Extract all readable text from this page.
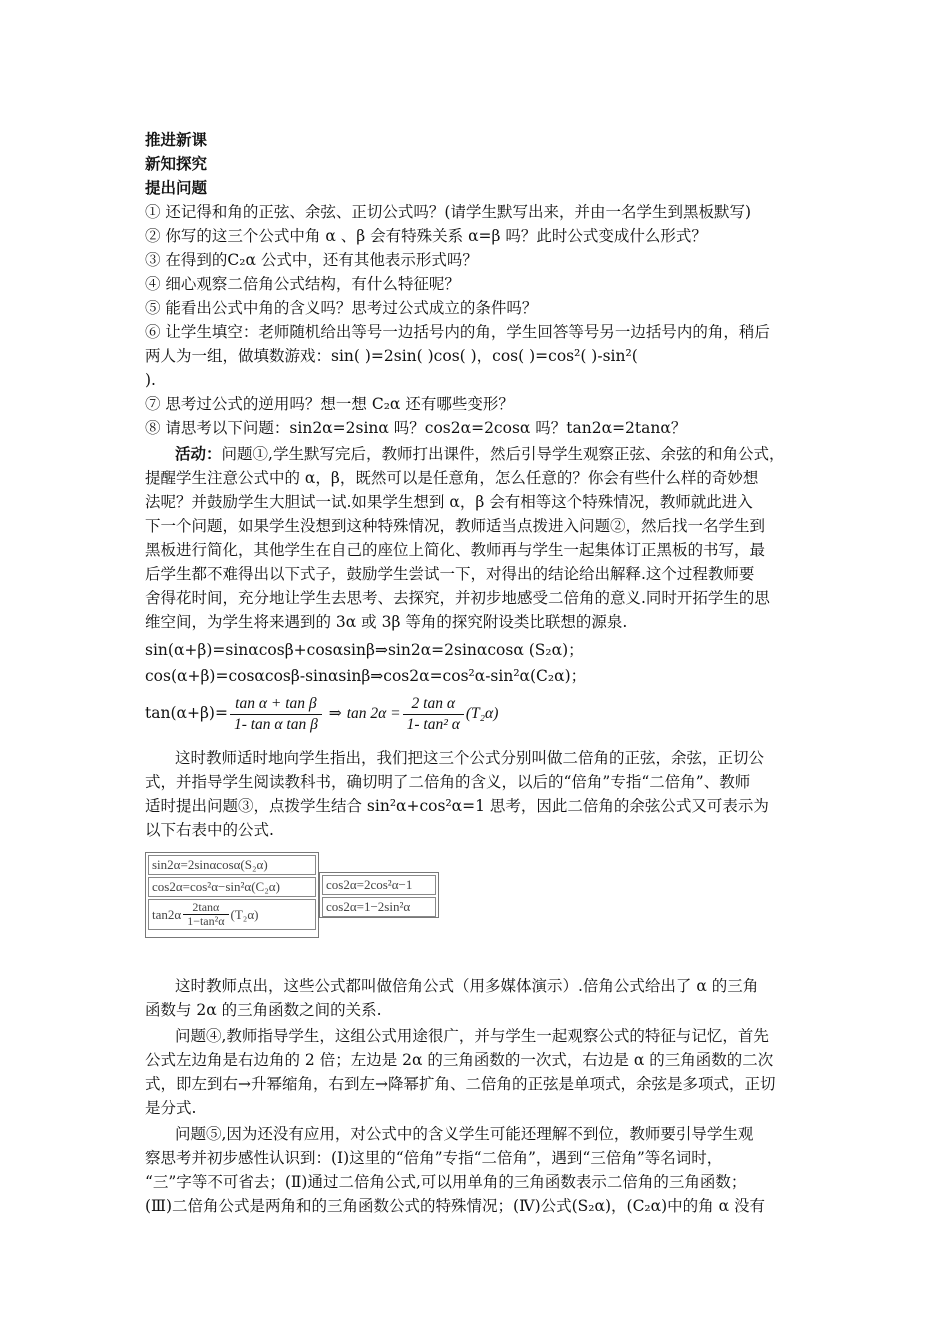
推进新课
新知探究
提出问题
① 还记得和角的正弦、余弦、正切公式吗？(请学生默写出来，并由一名学生到黑板默写)
② 你写的这三个公式中角 α 、β 会有特殊关系 α=β 吗？此时公式变成什么形式？
③ 在得到的C₂α 公式中，还有其他表示形式吗？
④ 细心观察二倍角公式结构，有什么特征呢？
⑤ 能看出公式中角的含义吗？思考过公式成立的条件吗？
⑥ 让学生填空：老师随机给出等号一边括号内的角，学生回答等号另一边括号内的角，稍后
两人为一组，做填数游戏：sin( )=2sin( )cos( )，cos( )=cos²( )-sin²(
).
⑦ 思考过公式的逆用吗？想一想 C₂α 还有哪些变形？
⑧ 请思考以下问题：sin2α=2sinα 吗？cos2α=2cosα 吗？tan2α=2tanα？
活动：问题①,学生默写完后，教师打出课件，然后引导学生观察正弦、余弦的和角公式，
提醒学生注意公式中的 α，β，既然可以是任意角，怎么任意的？你会有些什么样的奇妙想
法呢？并鼓励学生大胆试一试.如果学生想到 α，β 会有相等这个特殊情况，教师就此进入
下一个问题，如果学生没想到这种特殊情况，教师适当点拨进入问题②，然后找一名学生到
黑板进行简化，其他学生在自己的座位上简化、教师再与学生一起集体订正黑板的书写，最
后学生都不难得出以下式子，鼓励学生尝试一下，对得出的结论给出解释.这个过程教师要
舍得花时间，充分地让学生去思考、去探究，并初步地感受二倍角的意义.同时开拓学生的思
维空间，为学生将来遇到的 3α 或 3β 等角的探究附设类比联想的源泉.
sin(α+β)=sinαcosβ+cosαsinβ⇒sin2α=2sinαcosα (S₂α)；
cos(α+β)=cosαcosβ-sinαsinβ⇒cos2α=cos²α-sin²α(C₂α)；
$\tan(\alpha+\beta)= \frac{\text{tan α + tan β}}{\text{1- tan α tan β}}$ ⇒ $\tan 2\alpha = \frac{\text{2 tan α}}{\text{1- tan² α}} (T_2\alpha)$
这时教师适时地向学生指出，我们把这三个公式分别叫做二倍角的正弦，余弦，正切公
式，并指导学生阅读教科书，确切明了二倍角的含义，以后的“倍角”专指“二倍角”、教师
适时提出问题③，点拨学生结合 sin²α+cos²α=1 思考，因此二倍角的余弦公式又可表示为
以下右表中的公式.
sin2α=2sinαcosα(S₂α)
cos2α=cos²α−sin²α(C₂α)
$\tan 2\alpha \frac{2\tan\alpha}{\text{1−tan²α}} (T_2\alpha)$
cos2α=2cos²α−1
cos2α=1−2sin²α
这时教师点出，这些公式都叫做倍角公式（用多媒体演示）.倍角公式给出了 α 的三角
函数与 2α 的三角函数之间的关系.
问题④,教师指导学生，这组公式用途很广，并与学生一起观察公式的特征与记忆，首先
公式左边角是右边角的 2 倍；左边是 2α 的三角函数的一次式，右边是 α 的三角函数的二次
式，即左到右→升幂缩角，右到左→降幂扩角、二倍角的正弦是单项式，余弦是多项式，正切
是分式.
问题⑤,因为还没有应用，对公式中的含义学生可能还理解不到位，教师要引导学生观
察思考并初步感性认识到：(Ⅰ)这里的“倍角”专指“二倍角”，遇到“三倍角”等名词时，
“三”字等不可省去；(Ⅱ)通过二倍角公式,可以用单角的三角函数表示二倍角的三角函数；
(Ⅲ)二倍角公式是两角和的三角函数公式的特殊情况；(Ⅳ)公式(S₂α)，(C₂α)中的角 α 没有
